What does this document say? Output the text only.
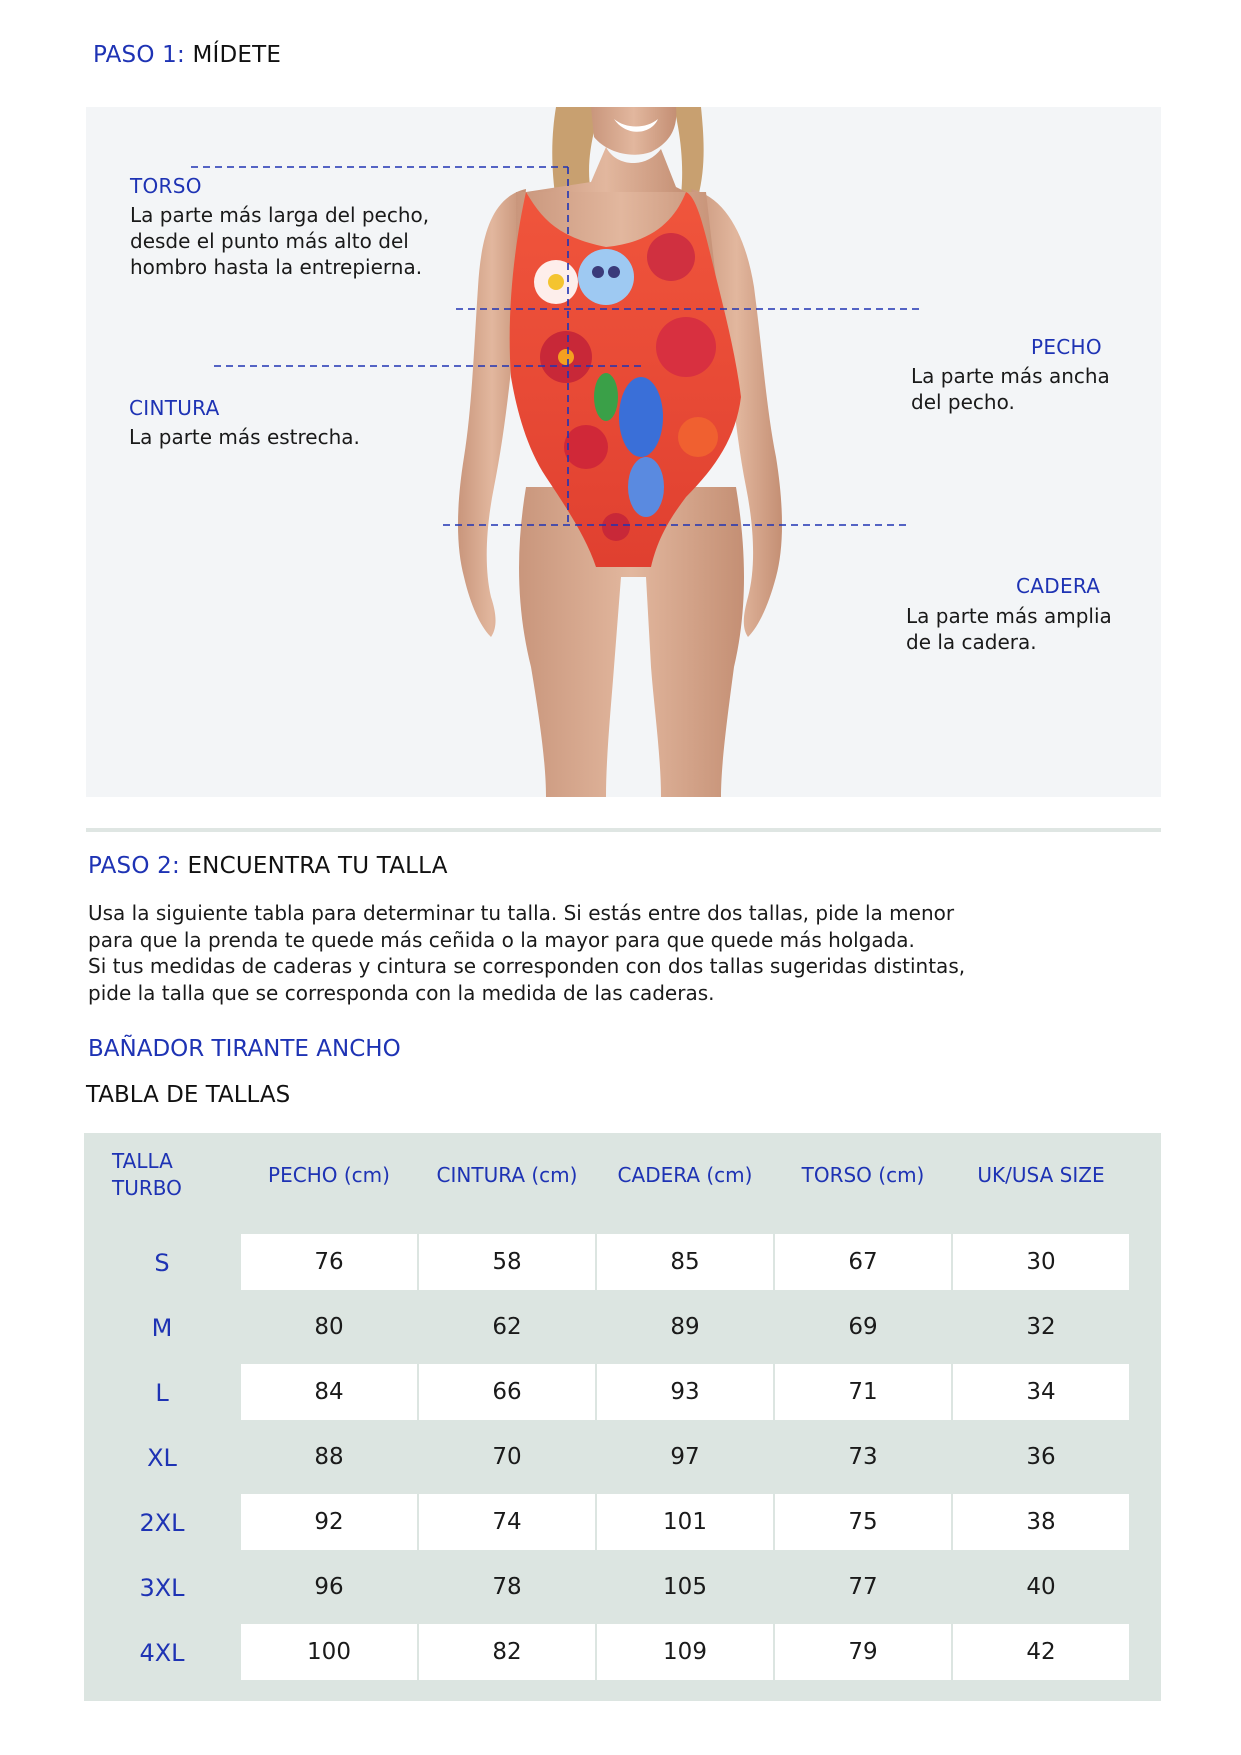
PASO 1: MÍDETE
TORSO
La parte más larga del pecho,
desde el punto más alto del
hombro hasta la entrepierna.
PECHO
La parte más ancha
del pecho.
CINTURA
La parte más estrecha.
CADERA
La parte más amplia
de la cadera.
PASO 2: ENCUENTRA TU TALLA
Usa la siguiente tabla para determinar tu talla. Si estás entre dos tallas, pide la menor
para que la prenda te quede más ceñida o la mayor para que quede más holgada.
Si tus medidas de caderas y cintura se corresponden con dos tallas sugeridas distintas,
pide la talla que se corresponda con la medida de las caderas.
BAÑADOR TIRANTE ANCHO
TABLA DE TALLAS
TALLA
TURBO
PECHO (cm)	CINTURA (cm)	CADERA (cm)	TORSO (cm)	UK/USA SIZE
S	76	58	85	67	30
M	80	62	89	69	32
L	84	66	93	71	34
XL	88	70	97	73	36
2XL	92	74	101	75	38
3XL	96	78	105	77	40
4XL	100	82	109	79	42
